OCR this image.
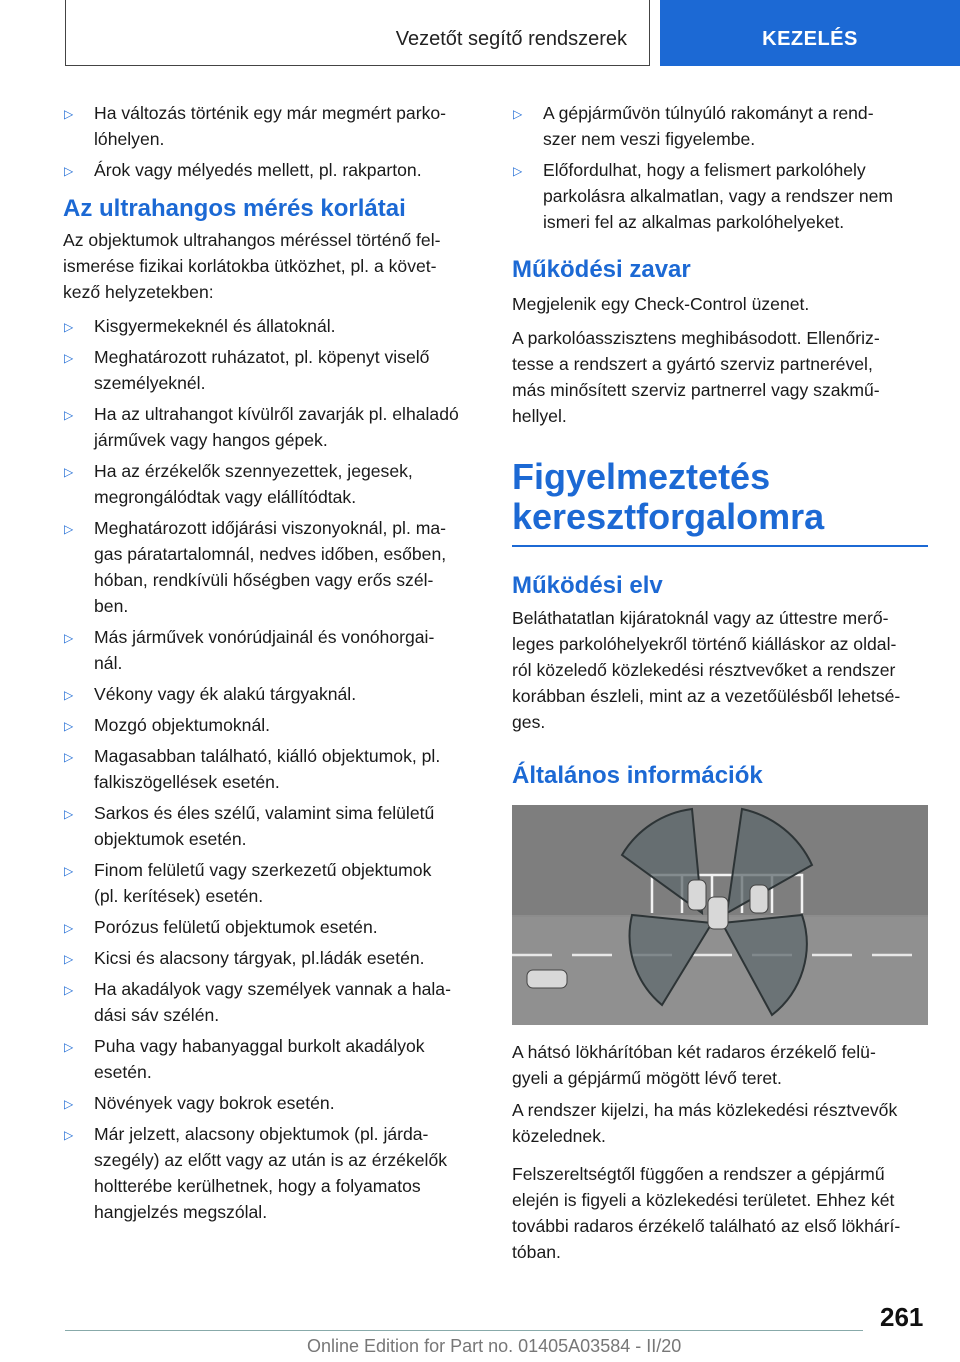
Vezetőt segítő rendszerek	KEZELÉS
▷ Ha változás történik egy már megmért parko-
lóhelyen.
▷ Árok vagy mélyedés mellett, pl. rakparton.
Az ultrahangos mérés korlátai
Az objektumok ultrahangos méréssel történő fel-
ismerése fizikai korlátokba ütközhet, pl. a követ-
kező helyzetekben:
▷ Kisgyermekeknél és állatoknál.
▷ Meghatározott ruházatot, pl. köpenyt viselő
személyeknél.
▷ Ha az ultrahangot kívülről zavarják pl. elhaladó
járművek vagy hangos gépek.
▷ Ha az érzékelők szennyezettek, jegesek,
megrongálódtak vagy elállítódtak.
▷ Meghatározott időjárási viszonyoknál, pl. ma-
gas páratartalomnál, nedves időben, esőben,
hóban, rendkívüli hőségben vagy erős szél-
ben.
▷ Más járművek vonórúdjainál és vonóhorgai-
nál.
▷ Vékony vagy ék alakú tárgyaknál.
▷ Mozgó objektumoknál.
▷ Magasabban található, kiálló objektumok, pl.
falkiszögellések esetén.
▷ Sarkos és éles szélű, valamint sima felületű
objektumok esetén.
▷ Finom felületű vagy szerkezetű objektumok
(pl. kerítések) esetén.
▷ Porózus felületű objektumok esetén.
▷ Kicsi és alacsony tárgyak, pl.ládák esetén.
▷ Ha akadályok vagy személyek vannak a hala-
dási sáv szélén.
▷ Puha vagy habanyaggal burkolt akadályok
esetén.
▷ Növények vagy bokrok esetén.
▷ Már jelzett, alacsony objektumok (pl. járda-
szegély) az előtt vagy az után is az érzékelők
holtterébe kerülhetnek, hogy a folyamatos
hangjelzés megszólal.
▷ A gépjárművön túlnyúló rakományt a rend-
szer nem veszi figyelembe.
▷ Előfordulhat, hogy a felismert parkolóhely
parkolásra alkalmatlan, vagy a rendszer nem
ismeri fel az alkalmas parkolóhelyeket.
Működési zavar
Megjelenik egy Check-Control üzenet.
A parkolóasszisztens meghibásodott. Ellenőriz-
tesse a rendszert a gyártó szerviz partnerével,
más minősített szerviz partnerrel vagy szakmű-
hellyel.
Figyelmeztetés
keresztforgalomra
Működési elv
Beláthatatlan kijáratoknál vagy az úttestre merő-
leges parkolóhelyekről történő kiálláskor az oldal-
ról közeledő közlekedési résztvevőket a rendszer
korábban észleli, mint az a vezetőülésből lehetsé-
ges.
Általános információk
A hátsó lökhárítóban két radaros érzékelő felü-
gyeli a gépjármű mögött lévő teret.
A rendszer kijelzi, ha más közlekedési résztvevők
közelednek.
Felszereltségtől függően a rendszer a gépjármű
elején is figyeli a közlekedési területet. Ehhez két
további radaros érzékelő található az első lökhárí-
tóban.
261
Online Edition for Part no. 01405A03584 - II/20
